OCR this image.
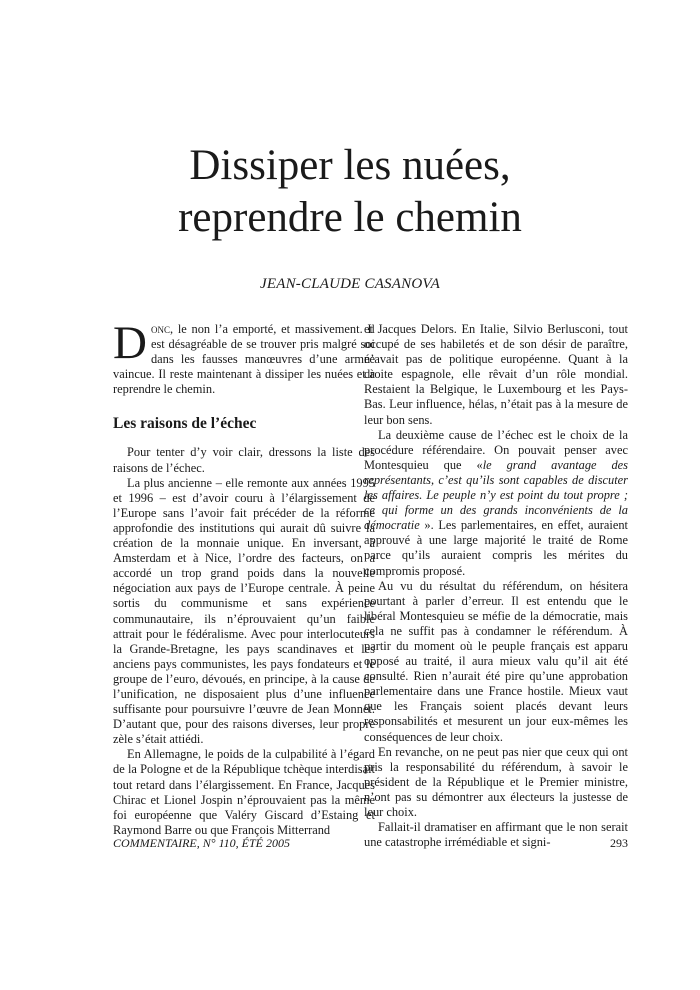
Dissiper les nuées,
reprendre le chemin
JEAN-CLAUDE CASANOVA

Donc, le non l’a emporté, et massivement. Il est désagréable de se trouver pris malgré soi dans les fausses manœuvres d’une armée vaincue. Il reste maintenant à dissiper les nuées et à reprendre le chemin.

Les raisons de l’échec

Pour tenter d’y voir clair, dressons la liste des raisons de l’échec.

La plus ancienne – elle remonte aux années 1995 et 1996 – est d’avoir couru à l’élargissement de l’Europe sans l’avoir fait précéder de la réforme approfondie des institutions qui aurait dû suivre la création de la monnaie unique. En inversant, à Amsterdam et à Nice, l’ordre des facteurs, on a accordé un trop grand poids dans la nouvelle négociation aux pays de l’Europe centrale. À peine sortis du communisme et sans expérience communautaire, ils n’éprouvaient qu’un faible attrait pour le fédéralisme. Avec pour interlocuteurs la Grande-Bretagne, les pays scandinaves et les anciens pays communistes, les pays fondateurs et le groupe de l’euro, dévoués, en principe, à la cause de l’unification, ne disposaient plus d’une influence suffisante pour poursuivre l’œuvre de Jean Monnet. D’autant que, pour des raisons diverses, leur propre zèle s’était attiédi.

En Allemagne, le poids de la culpabilité à l’égard de la Pologne et de la République tchèque interdisait tout retard dans l’élargissement. En France, Jacques Chirac et Lionel Jospin n’éprouvaient pas la même foi européenne que Valéry Giscard d’Estaing et Raymond Barre ou que François Mitterrand

et Jacques Delors. En Italie, Silvio Berlusconi, tout occupé de ses habiletés et de son désir de paraître, n’avait pas de politique européenne. Quant à la droite espagnole, elle rêvait d’un rôle mondial. Restaient la Belgique, le Luxembourg et les Pays-Bas. Leur influence, hélas, n’était pas à la mesure de leur bon sens.

La deuxième cause de l’échec est le choix de la procédure référendaire. On pouvait penser avec Montesquieu que «le grand avantage des représentants, c’est qu’ils sont capables de discuter les affaires. Le peuple n’y est point du tout propre ; ce qui forme un des grands inconvénients de la démocratie ». Les parlementaires, en effet, auraient approuvé à une large majorité le traité de Rome parce qu’ils auraient compris les mérites du compromis proposé.

Au vu du résultat du référendum, on hésitera pourtant à parler d’erreur. Il est entendu que le libéral Montesquieu se méfie de la démocratie, mais cela ne suffit pas à condamner le référendum. À partir du moment où le peuple français est apparu opposé au traité, il aura mieux valu qu’il ait été consulté. Rien n’aurait été pire qu’une approbation parlementaire dans une France hostile. Mieux vaut que les Français soient placés devant leurs responsabilités et mesurent un jour eux-mêmes les conséquences de leur choix.

En revanche, on ne peut pas nier que ceux qui ont pris la responsabilité du référendum, à savoir le président de la République et le Premier ministre, n’ont pas su démontrer aux électeurs la justesse de leur choix.

Fallait-il dramatiser en affirmant que le non serait une catastrophe irrémédiable et signi-

COMMENTAIRE, N° 110, ÉTÉ 2005	293
